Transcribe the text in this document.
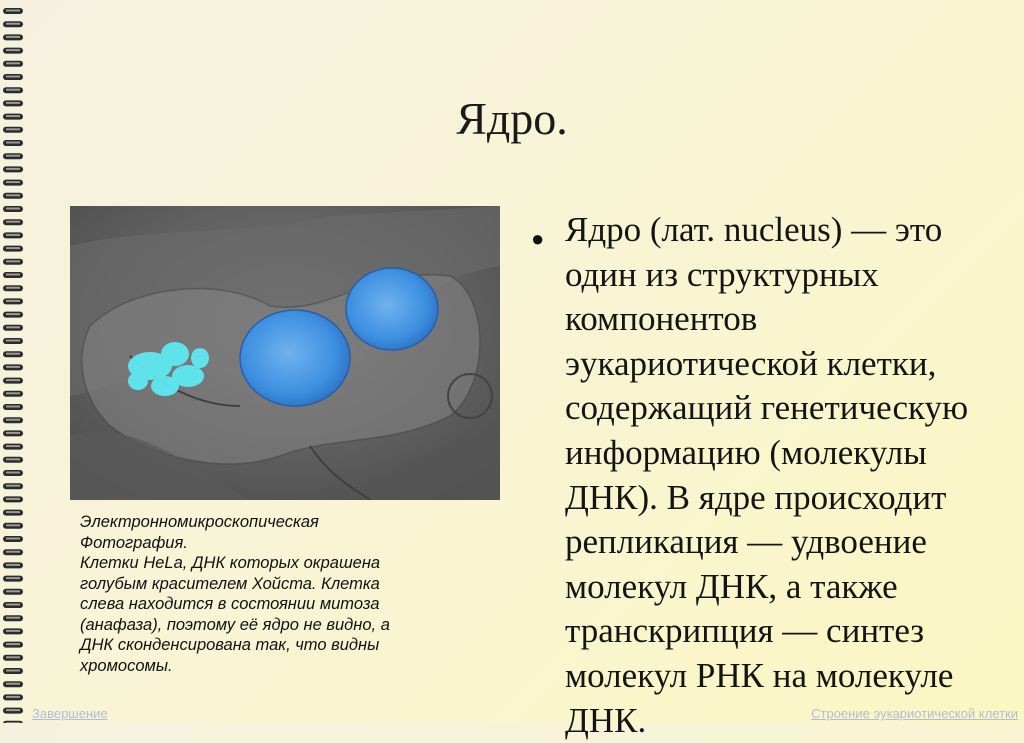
Ядро.
Электронномикроскопическая
Фотография.
Клетки HeLa, ДНК которых окрашена
голубым красителем Хойста. Клетка
слева находится в состоянии митоза
(анафаза), поэтому её ядро не видно, а
ДНК сконденсирована так, что видны
хромосомы.
● Ядро (лат. nucleus) — это
один из структурных
компонентов
эукариотической клетки,
содержащий генетическую
информацию (молекулы
ДНК). В ядре происходит
репликация — удвоение
молекул ДНК, а также
транскрипция — синтез
молекул РНК на молекуле
ДНК.
Завершение	Строение эукариотической клетки
